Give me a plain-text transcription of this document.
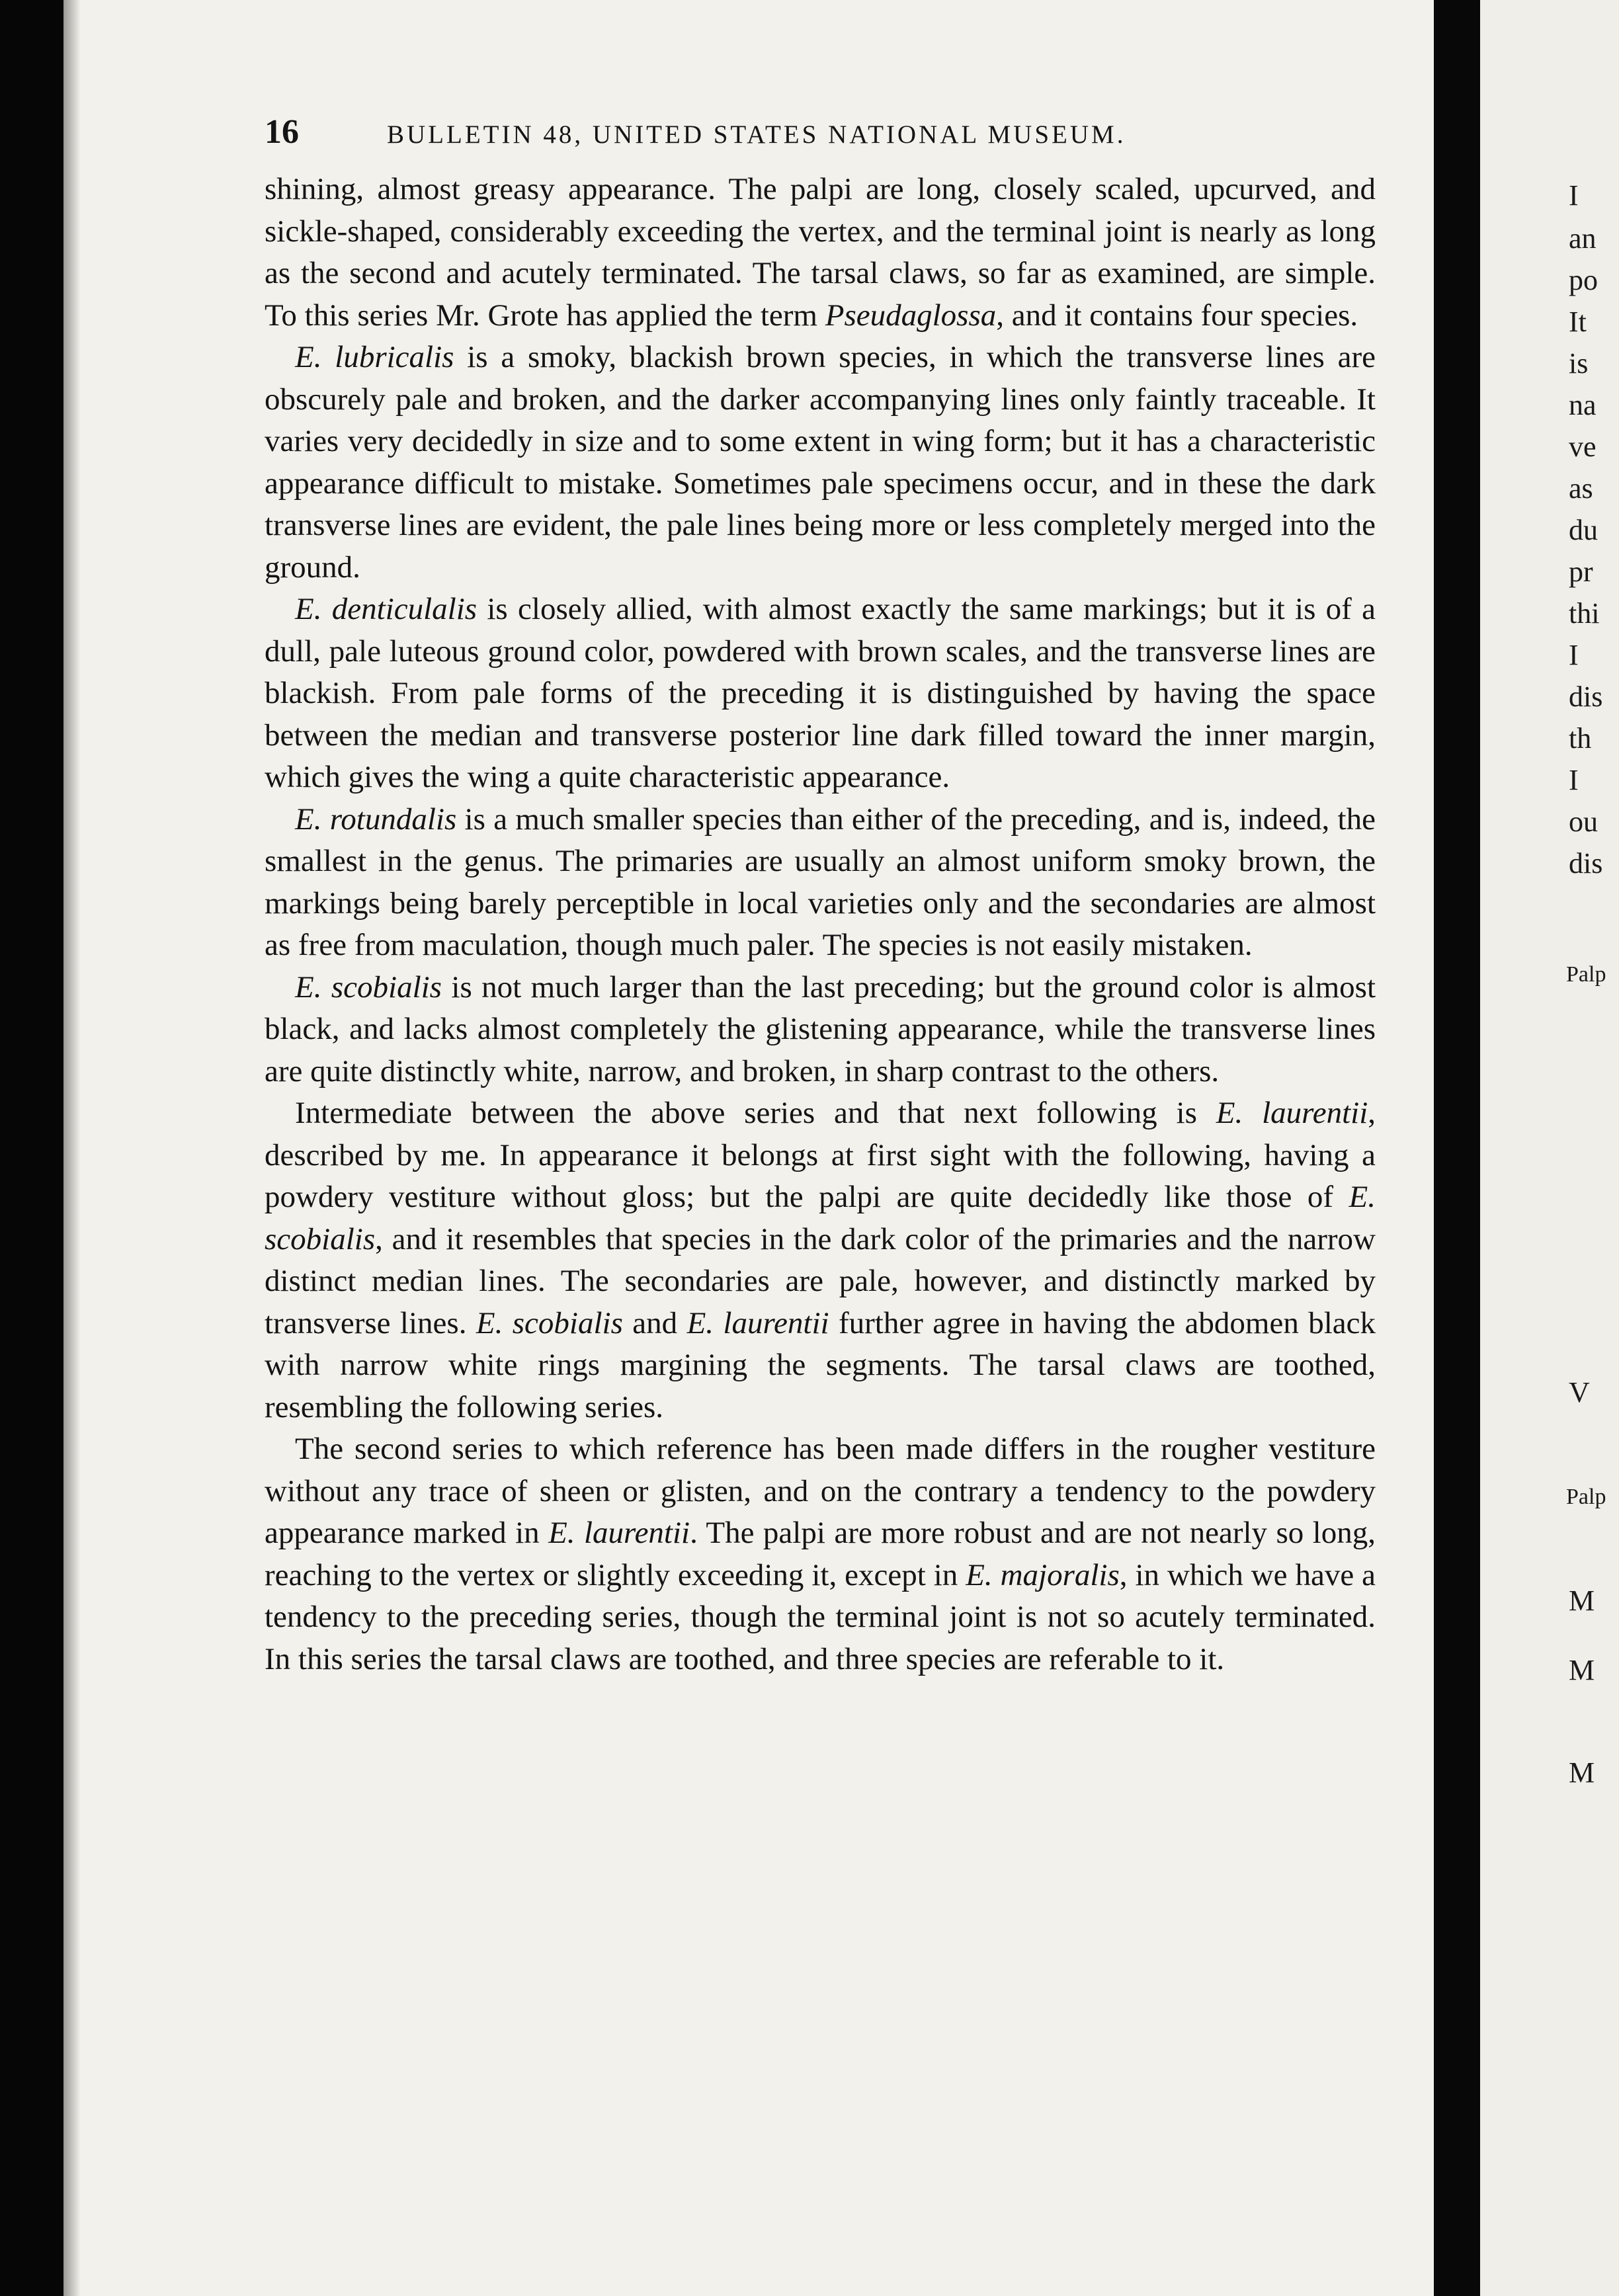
I
an
po
It
is
na
ve
as
du
pr
thi
I
dis
th
I
ou
dis
Palp
V
Palp
M
M
M
16	BULLETIN 48, UNITED STATES NATIONAL MUSEUM.

shining, almost greasy appearance. The palpi are long, closely scaled, upcurved, and sickle-shaped, considerably exceeding the vertex, and the terminal joint is nearly as long as the second and acutely terminated. The tarsal claws, so far as examined, are simple. To this series Mr. Grote has applied the term Pseudaglossa, and it contains four species.

E. lubricalis is a smoky, blackish brown species, in which the transverse lines are obscurely pale and broken, and the darker accompanying lines only faintly traceable. It varies very decidedly in size and to some extent in wing form; but it has a characteristic appearance difficult to mistake. Sometimes pale specimens occur, and in these the dark transverse lines are evident, the pale lines being more or less completely merged into the ground.

E. denticulalis is closely allied, with almost exactly the same markings; but it is of a dull, pale luteous ground color, powdered with brown scales, and the transverse lines are blackish. From pale forms of the preceding it is distinguished by having the space between the median and transverse posterior line dark filled toward the inner margin, which gives the wing a quite characteristic appearance.

E. rotundalis is a much smaller species than either of the preceding, and is, indeed, the smallest in the genus. The primaries are usually an almost uniform smoky brown, the markings being barely perceptible in local varieties only and the secondaries are almost as free from maculation, though much paler. The species is not easily mistaken.

E. scobialis is not much larger than the last preceding; but the ground color is almost black, and lacks almost completely the glistening appearance, while the transverse lines are quite distinctly white, narrow, and broken, in sharp contrast to the others.

Intermediate between the above series and that next following is E. laurentii, described by me. In appearance it belongs at first sight with the following, having a powdery vestiture without gloss; but the palpi are quite decidedly like those of E. scobialis, and it resembles that species in the dark color of the primaries and the narrow distinct median lines. The secondaries are pale, however, and distinctly marked by transverse lines. E. scobialis and E. laurentii further agree in having the abdomen black with narrow white rings margining the segments. The tarsal claws are toothed, resembling the following series.

The second series to which reference has been made differs in the rougher vestiture without any trace of sheen or glisten, and on the contrary a tendency to the powdery appearance marked in E. laurentii. The palpi are more robust and are not nearly so long, reaching to the vertex or slightly exceeding it, except in E. majoralis, in which we have a tendency to the preceding series, though the terminal joint is not so acutely terminated. In this series the tarsal claws are toothed, and three species are referable to it.
